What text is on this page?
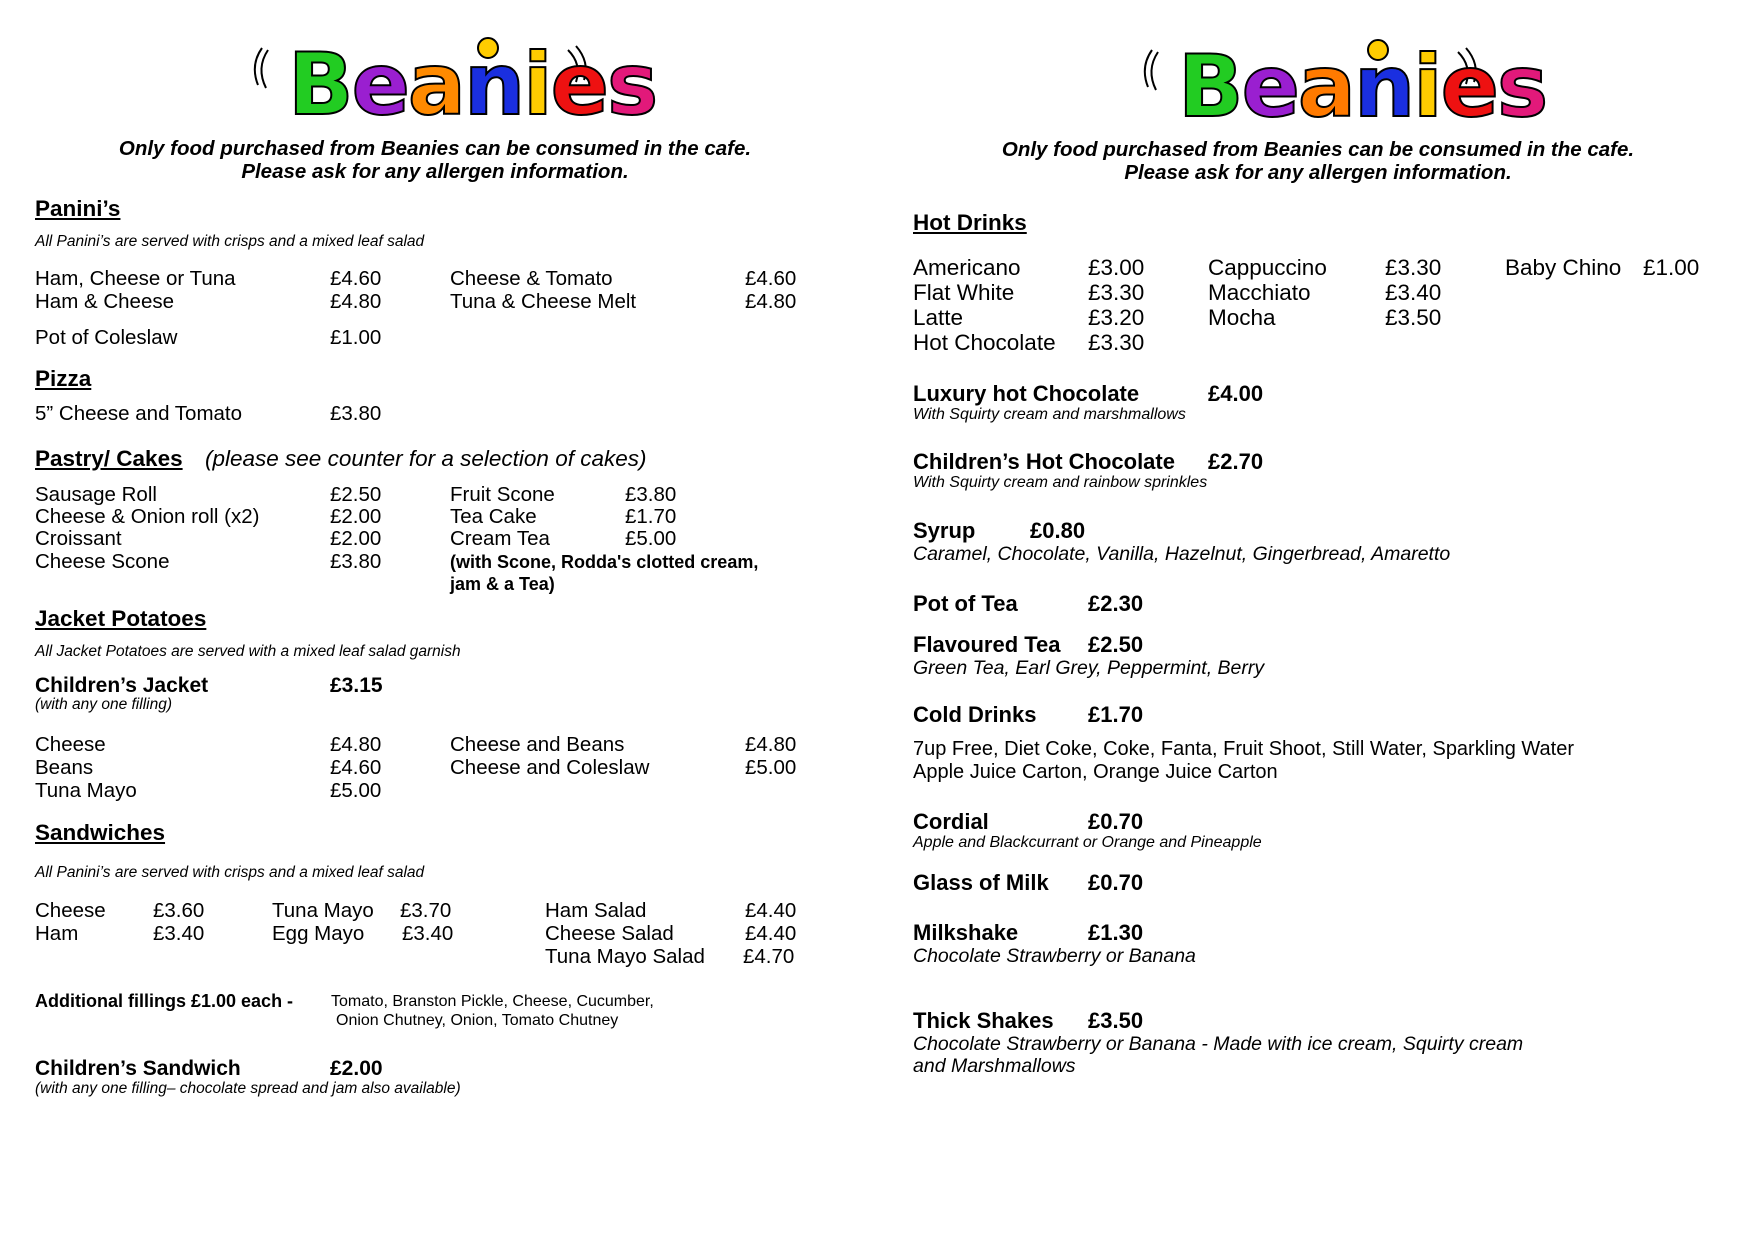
Beanies
Only food purchased from Beanies can be consumed in the cafe.
Please ask for any allergen information.
Panini’s
All Panini’s are served with crisps and a mixed leaf salad
Ham, Cheese or Tuna	£4.60
Ham & Cheese	£4.80
Cheese & Tomato	£4.60
Tuna & Cheese Melt	£4.80
Pot of Coleslaw	£1.00
Pizza
5” Cheese and Tomato	£3.80
Pastry/ Cakes (please see counter for a selection of cakes)
Sausage Roll	£2.50
Cheese & Onion roll (x2)	£2.00
Croissant	£2.00
Cheese Scone	£3.80
Fruit Scone	£3.80
Tea Cake	£1.70
Cream Tea	£5.00
(with Scone, Rodda's clotted cream,
jam & a Tea)
Jacket Potatoes
All Jacket Potatoes are served with a mixed leaf salad garnish
Children’s Jacket	£3.15
(with any one filling)
Cheese	£4.80
Beans	£4.60
Tuna Mayo	£5.00
Cheese and Beans	£4.80
Cheese and Coleslaw	£5.00
Sandwiches
All Panini’s are served with crisps and a mixed leaf salad
Cheese £3.60
Ham	£3.40
Tuna Mayo £3.70
Egg Mayo £3.40
Ham Salad	£4.40
Cheese Salad	£4.40
Tuna Mayo Salad £4.70
Additional fillings £1.00 each - Tomato, Branston Pickle, Cheese, Cucumber,
Onion Chutney, Onion, Tomato Chutney
Children’s Sandwich	£2.00
(with any one filling– chocolate spread and jam also available)
Beanies
Only food purchased from Beanies can be consumed in the cafe.
Please ask for any allergen information.
Hot Drinks
Americano	£3.00
Flat White	£3.30
Latte	£3.20
Hot Chocolate £3.30
Cappuccino	£3.30
Macchiato	£3.40
Mocha	£3.50
Baby Chino £1.00
Luxury hot Chocolate	£4.00
With Squirty cream and marshmallows
Children’s Hot Chocolate £2.70
With Squirty cream and rainbow sprinkles
Syrup £0.80
Caramel, Chocolate, Vanilla, Hazelnut, Gingerbread, Amaretto
Pot of Tea	£2.30
Flavoured Tea £2.50
Green Tea, Earl Grey, Peppermint, Berry
Cold Drinks £1.70
7up Free, Diet Coke, Coke, Fanta, Fruit Shoot, Still Water, Sparkling Water
Apple Juice Carton, Orange Juice Carton
Cordial	£0.70
Apple and Blackcurrant or Orange and Pineapple
Glass of Milk £0.70
Milkshake	£1.30
Chocolate Strawberry or Banana
Thick Shakes £3.50
Chocolate Strawberry or Banana - Made with ice cream, Squirty cream
and Marshmallows
